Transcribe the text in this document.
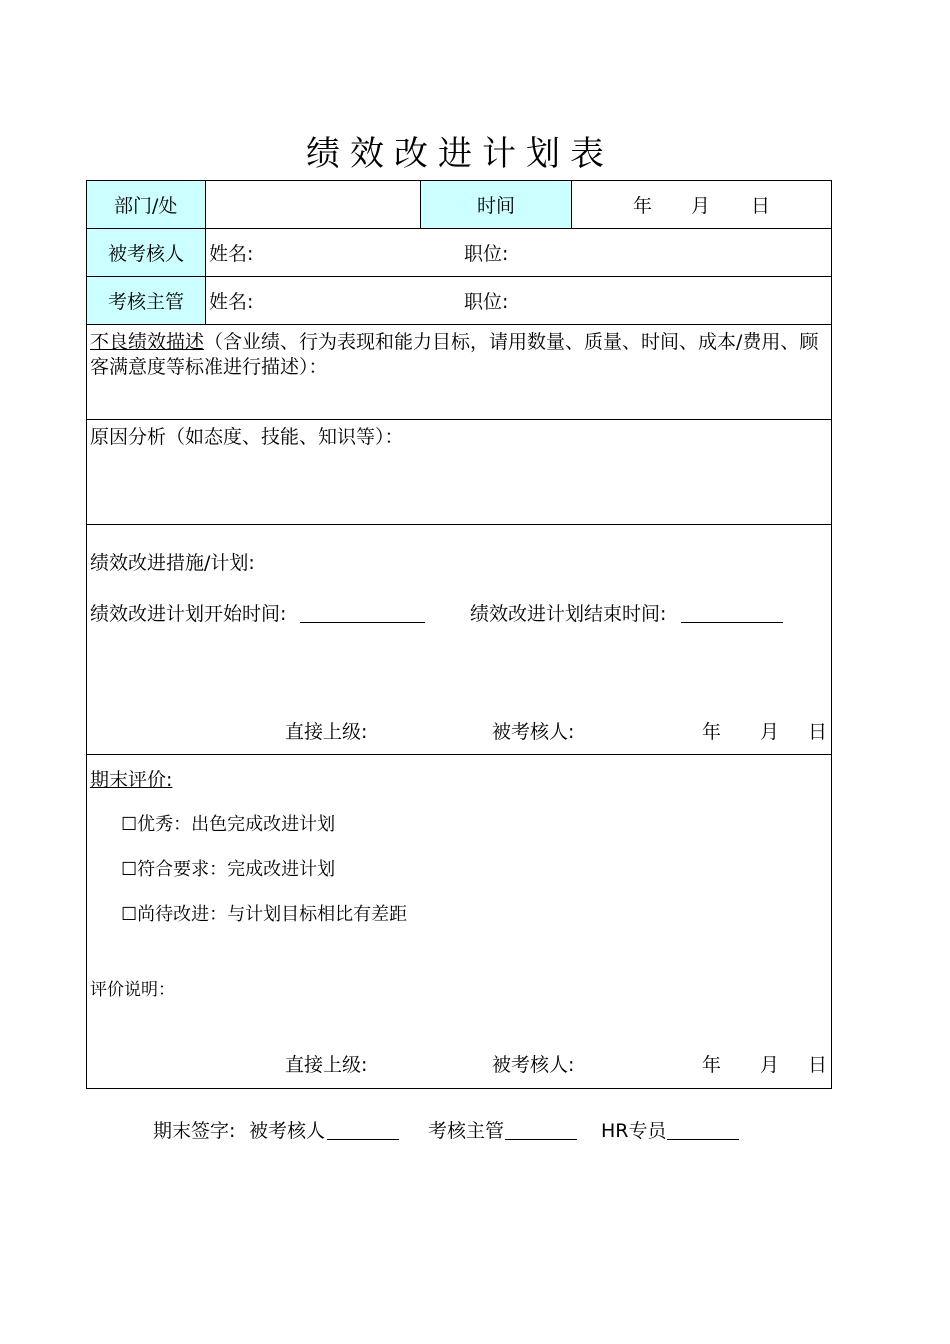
绩效改进计划表
部门/处	时间	年 月 日
被考核人 姓名:	职位:
考核主管 姓名:	职位:
不良绩效描述（含业绩、行为表现和能力目标，请用数量、质量、时间、成本/费用、顾
客满意度等标准进行描述）：
原因分析（如态度、技能、知识等）：
绩效改进措施/计划:
绩效改进计划开始时间:	绩效改进计划结束时间:
直接上级:	被考核人:	年 月 日
期末评价:
☐优秀：出色完成改进计划
☐符合要求：完成改进计划
☐尚待改进：与计划目标相比有差距
评价说明：
直接上级:	被考核人:	年 月 日
期末签字: 被考核人	考核主管	HR专员
